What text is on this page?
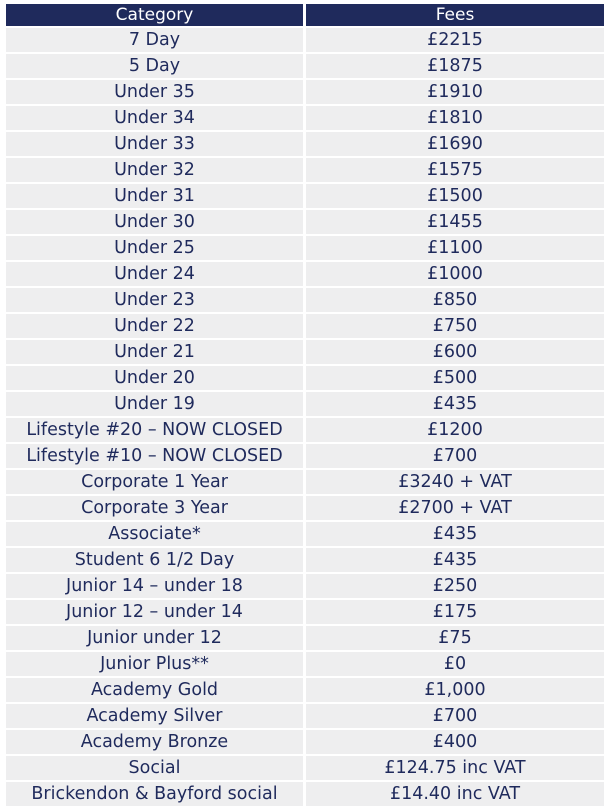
Category	Fees
7 Day	£2215
5 Day	£1875
Under 35	£1910
Under 34	£1810
Under 33	£1690
Under 32	£1575
Under 31	£1500
Under 30	£1455
Under 25	£1100
Under 24	£1000
Under 23	£850
Under 22	£750
Under 21	£600
Under 20	£500
Under 19	£435
Lifestyle #20 – NOW CLOSED	£1200
Lifestyle #10 – NOW CLOSED	£700
Corporate 1 Year	£3240 + VAT
Corporate 3 Year	£2700 + VAT
Associate*	£435
Student 6 1/2 Day	£435
Junior 14 – under 18	£250
Junior 12 – under 14	£175
Junior under 12	£75
Junior Plus**	£0
Academy Gold	£1,000
Academy Silver	£700
Academy Bronze	£400
Social	£124.75 inc VAT
Brickendon & Bayford social	£14.40 inc VAT
